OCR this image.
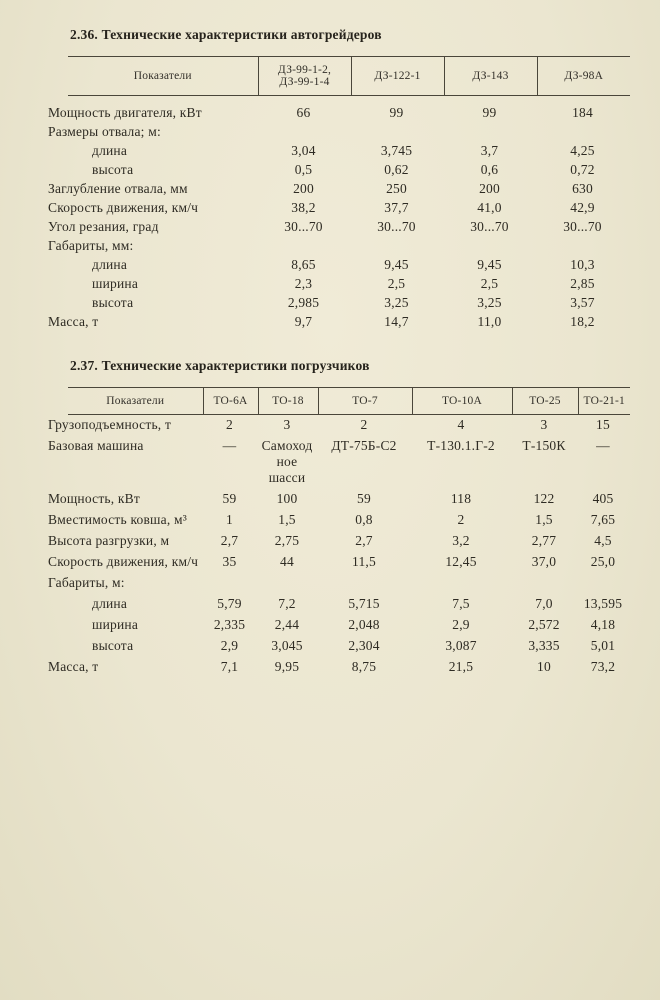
2.36. Технические характеристики автогрейдеров
Показатели	ДЗ-99-1-2, ДЗ-99-1-4	ДЗ-122-1	ДЗ-143	ДЗ-98А
Мощность двигателя, кВт	66	99	99	184
Размеры отвала; м:				
длина	3,04	3,745	3,7	4,25
высота	0,5	0,62	0,6	0,72
Заглубление отвала, мм	200	250	200	630
Скорость движения, км/ч	38,2	37,7	41,0	42,9
Угол резания, град	30...70	30...70	30...70	30...70
Габариты, мм:				
длина	8,65	9,45	9,45	10,3
ширина	2,3	2,5	2,5	2,85
высота	2,985	3,25	3,25	3,57
Масса, т	9,7	14,7	11,0	18,2
2.37. Технические характеристики погрузчиков
Показатели	ТО-6А	ТО-18	ТО-7	ТО-10А	ТО-25	ТО-21-1
Грузоподъемность, т	2	3	2	4	3	15
Базовая машина	—	Самоходное шасси	ДТ-75Б-С2	Т-130.1.Г-2	Т-150К	—
Мощность, кВт	59	100	59	118	122	405
Вместимость ковша, м³	1	1,5	0,8	2	1,5	7,65
Высота разгрузки, м	2,7	2,75	2,7	3,2	2,77	4,5
Скорость движения, км/ч	35	44	11,5	12,45	37,0	25,0
Габариты, м:						
длина	5,79	7,2	5,715	7,5	7,0	13,595
ширина	2,335	2,44	2,048	2,9	2,572	4,18
высота	2,9	3,045	2,304	3,087	3,335	5,01
Масса, т	7,1	9,95	8,75	21,5	10	73,2
